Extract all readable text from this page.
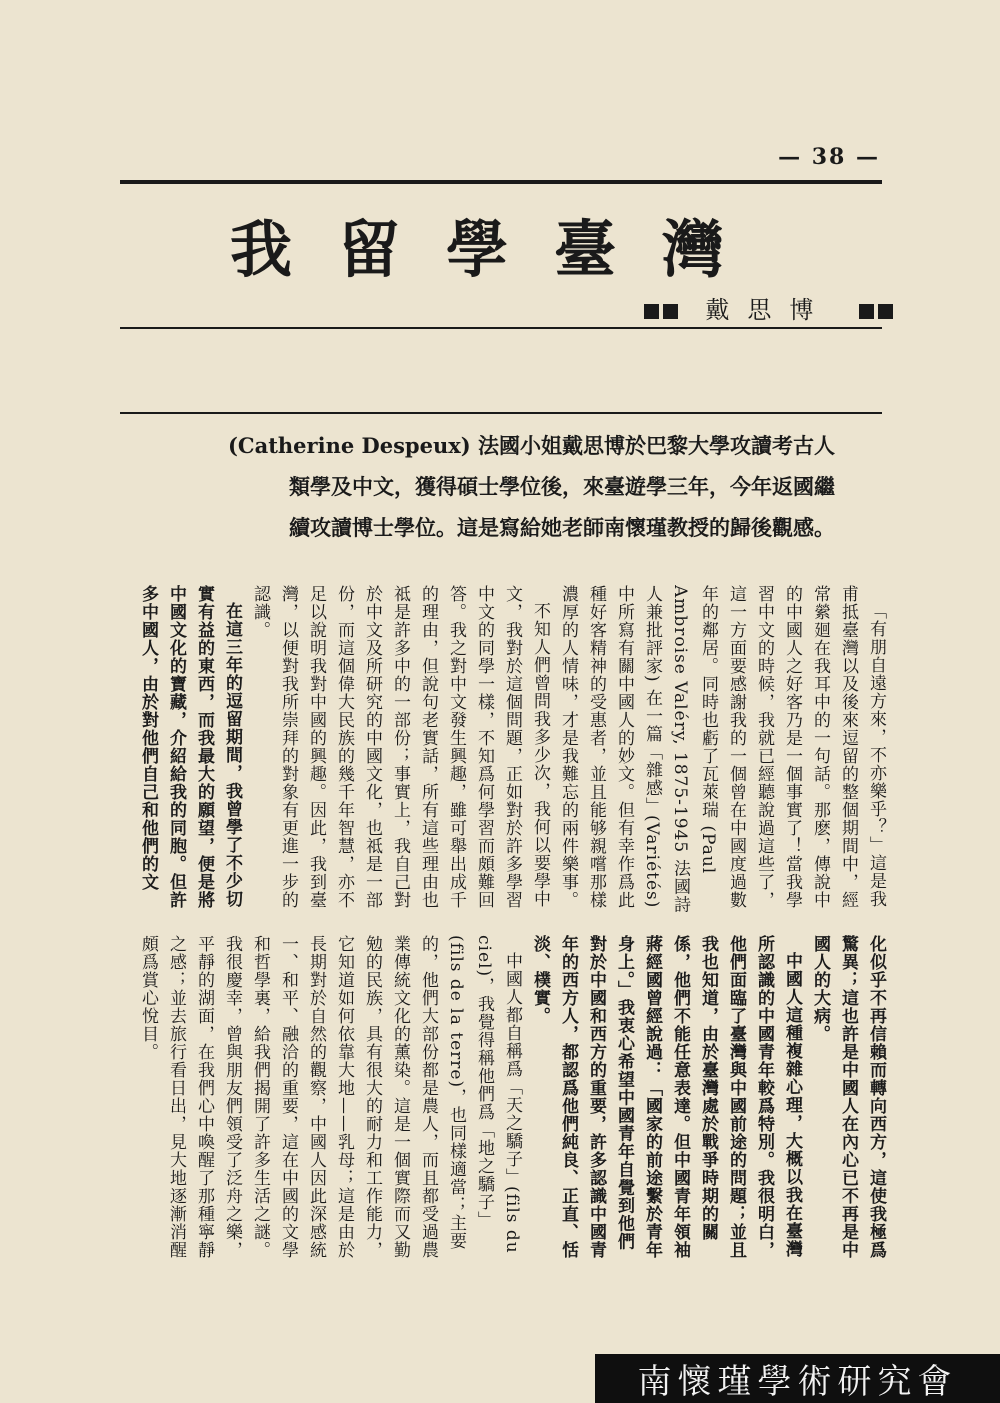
— 38 —
我留學臺灣
戴思博
(Catherine Despeux) 法國小姐戴思博於巴黎大學攻讀考古人
類學及中文，獲得碩士學位後，來臺遊學三年，今年返國繼
續攻讀博士學位。這是寫給她老師南懷瑾教授的歸後觀感。

「有朋自遠方來，不亦樂乎？」這是我甫抵臺灣以及後來逗留的整個期間中，經常縈廻在我耳中的一句話。那麽，傳說中的中國人之好客乃是一個事實了！當我學習中文的時候，我就已經聽說過這些了，這一方面要感謝我的一個曾在中國度過數年的鄰居。同時也虧了瓦萊瑞 (Paul Ambroise Valéry, 1875-1945 法國詩人兼批評家) 在一篇「雜感」(Variétés) 中所寫有關中國人的妙文。但有幸作爲此種好客精神的受惠者，並且能够親嚐那樣濃厚的人情味，才是我難忘的兩件樂事。

不知人們曾問我多少次，我何以要學中文，我對於這個問題，正如對於許多學習中文的同學一樣，不知爲何學習而頗難回答。我之對中文發生興趣，雖可舉出成千的理由，但說句老實話，所有這些理由也祗是許多中的一部份；事實上，我自己對於中文及所研究的中國文化，也祗是一部份，而這個偉大民族的幾千年智慧，亦不足以說明我對中國的興趣。因此，我到臺灣，以便對我所崇拜的對象有更進一步的認識。

在這三年的逗留期間，我曾學了不少切實有益的東西，而我最大的願望，便是將中國文化的寶藏，介紹給我的同胞。但許多中國人，由於對他們自己和他們的文

化似乎不再信賴而轉向西方，這使我極爲驚異；這也許是中國人在內心已不再是中國人的大病。

中國人這種複雜心理，大概以我在臺灣所認識的中國青年較爲特別。我很明白，他們面臨了臺灣與中國前途的問題；並且我也知道，由於臺灣處於戰爭時期的關係，他們不能任意表達。但中國青年領袖蔣經國曾經說過：「國家的前途繫於青年身上。」我衷心希望中國青年自覺到他們對於中國和西方的重要，許多認識中國青年的西方人，都認爲他們純良、正直、恬淡、樸實。

中國人都自稱爲「天之驕子」(fils du ciel)，我覺得稱他們爲「地之驕子」(fils de la terre)，也同樣適當；主要的，他們大部份都是農人，而且都受過農業傳統文化的薰染。這是一個實際而又勤勉的民族，具有很大的耐力和工作能力，它知道如何依靠大地——乳母；這是由於長期對於自然的觀察，中國人因此深感統一、和平、融洽的重要，這在中國的文學和哲學裏，給我們揭開了許多生活之謎。我很慶幸，曾與朋友們領受了泛舟之樂，平靜的湖面，在我們心中喚醒了那種寧靜之感；並去旅行看日出，見大地逐漸消醒頗爲賞心悅目。

南懷瑾學術研究會
